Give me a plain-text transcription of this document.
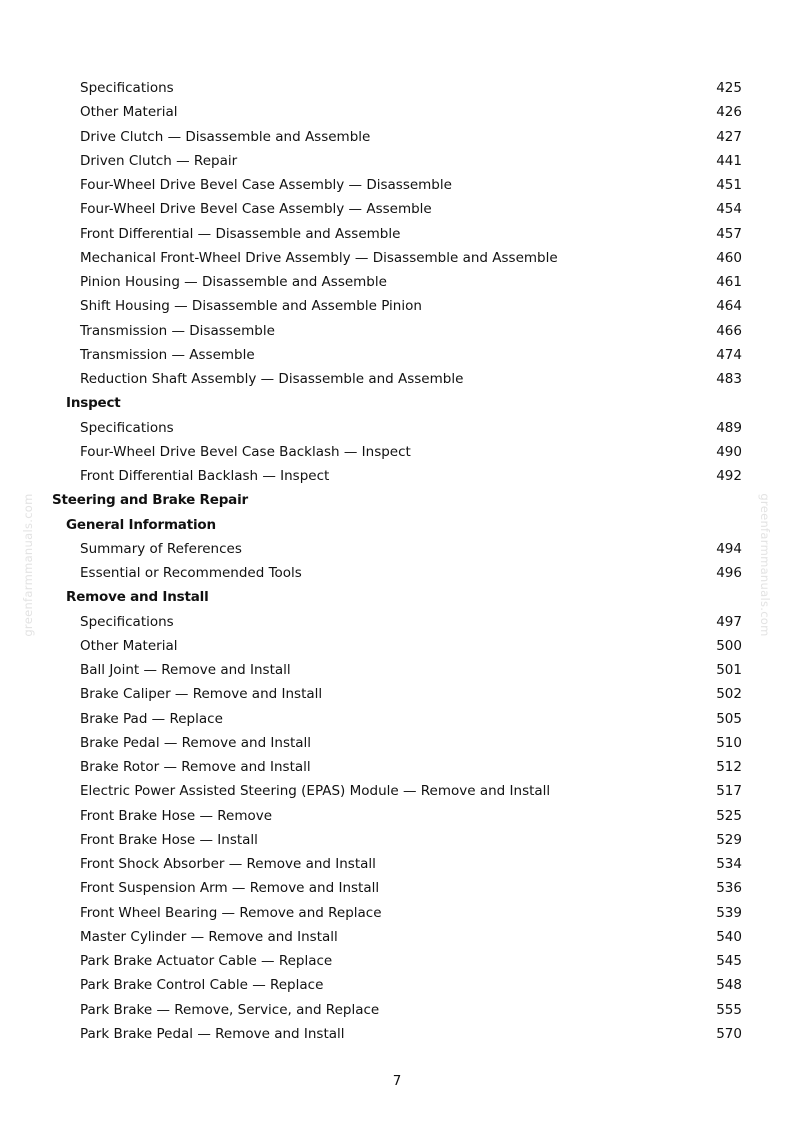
greenfarmmanuals.com	greenfarmmanuals.com
Specifications	425
Other Material	426
Drive Clutch — Disassemble and Assemble	427
Driven Clutch — Repair	441
Four-Wheel Drive Bevel Case Assembly — Disassemble	451
Four-Wheel Drive Bevel Case Assembly — Assemble	454
Front Differential — Disassemble and Assemble	457
Mechanical Front-Wheel Drive Assembly — Disassemble and Assemble	460
Pinion Housing — Disassemble and Assemble	461
Shift Housing — Disassemble and Assemble Pinion	464
Transmission — Disassemble	466
Transmission — Assemble	474
Reduction Shaft Assembly — Disassemble and Assemble	483
Inspect
Specifications	489
Four-Wheel Drive Bevel Case Backlash — Inspect	490
Front Differential Backlash — Inspect	492
Steering and Brake Repair
General Information
Summary of References	494
Essential or Recommended Tools	496
Remove and Install
Specifications	497
Other Material	500
Ball Joint — Remove and Install	501
Brake Caliper — Remove and Install	502
Brake Pad — Replace	505
Brake Pedal — Remove and Install	510
Brake Rotor — Remove and Install	512
Electric Power Assisted Steering (EPAS) Module — Remove and Install	517
Front Brake Hose — Remove	525
Front Brake Hose — Install	529
Front Shock Absorber — Remove and Install	534
Front Suspension Arm — Remove and Install	536
Front Wheel Bearing — Remove and Replace	539
Master Cylinder — Remove and Install	540
Park Brake Actuator Cable — Replace	545
Park Brake Control Cable — Replace	548
Park Brake — Remove, Service, and Replace	555
Park Brake Pedal — Remove and Install	570
7
